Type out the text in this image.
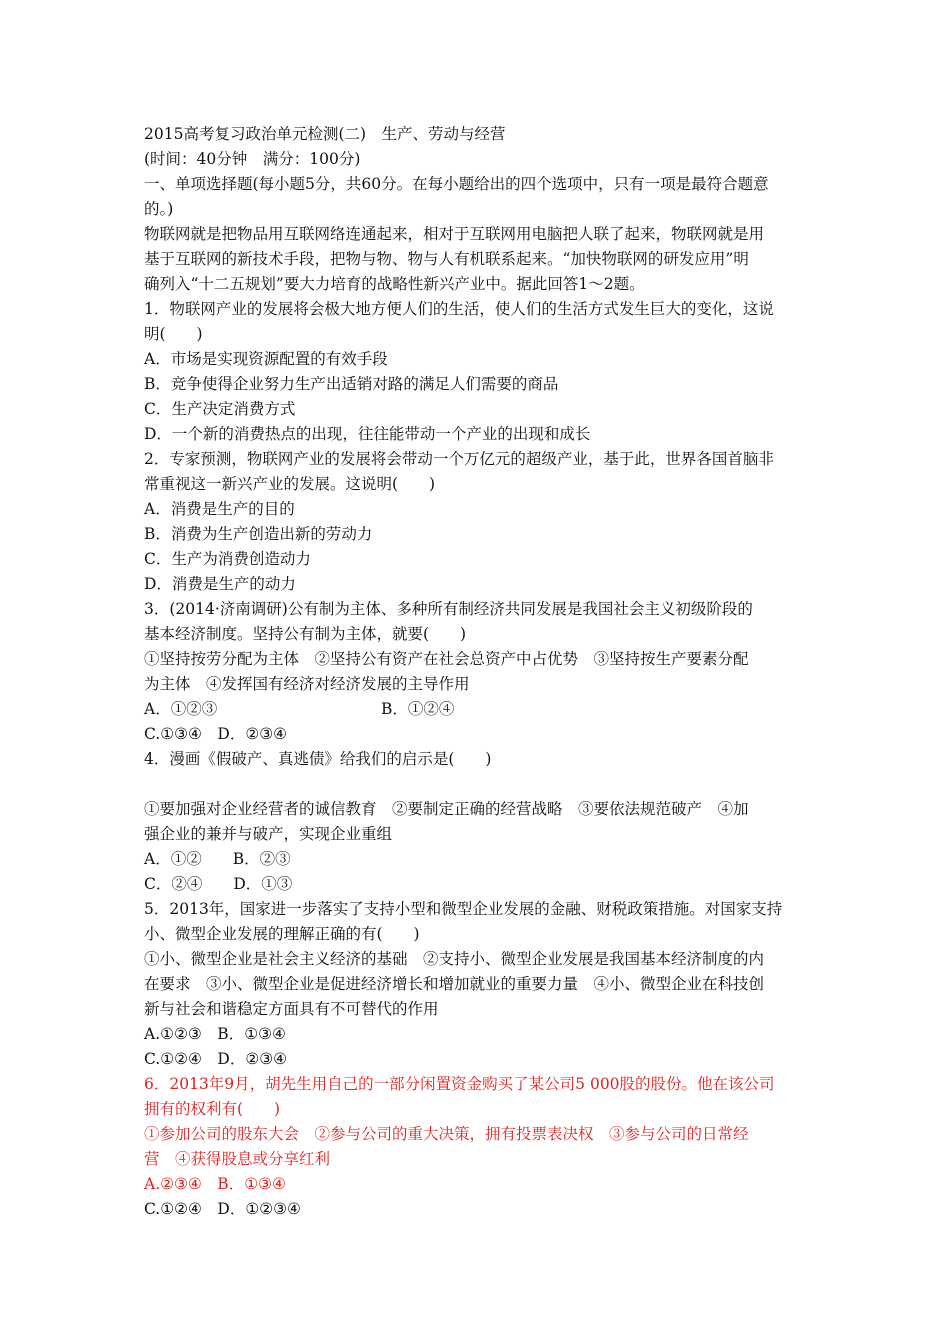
2015高考复习政治单元检测(二)　生产、劳动与经营
(时间：40分钟　满分：100分)
一、单项选择题(每小题5分，共60分。在每小题给出的四个选项中，只有一项是最符合题意
的。)
物联网就是把物品用互联网络连通起来，相对于互联网用电脑把人联了起来，物联网就是用
基于互联网的新技术手段，把物与物、物与人有机联系起来。“加快物联网的研发应用”明
确列入“十二五规划”要大力培育的战略性新兴产业中。据此回答1～2题。
1．物联网产业的发展将会极大地方便人们的生活，使人们的生活方式发生巨大的变化，这说
明(　　)
A．市场是实现资源配置的有效手段
B．竞争使得企业努力生产出适销对路的满足人们需要的商品
C．生产决定消费方式
D．一个新的消费热点的出现，往往能带动一个产业的出现和成长
2．专家预测，物联网产业的发展将会带动一个万亿元的超级产业，基于此，世界各国首脑非
常重视这一新兴产业的发展。这说明(　　)
A．消费是生产的目的
B．消费为生产创造出新的劳动力
C．生产为消费创造动力
D．消费是生产的动力
3．(2014·济南调研)公有制为主体、多种所有制经济共同发展是我国社会主义初级阶段的
基本经济制度。坚持公有制为主体，就要(　　)
①坚持按劳分配为主体　②坚持公有资产在社会总资产中占优势　③坚持按生产要素分配
为主体　④发挥国有经济对经济发展的主导作用
A．①②③	B．①②④
C.①③④　D．②③④
4．漫画《假破产、真逃债》给我们的启示是(　　)
①要加强对企业经营者的诚信教育　②要制定正确的经营战略　③要依法规范破产　④加
强企业的兼并与破产，实现企业重组
A．①②　　B．②③
C．②④　　D．①③
5．2013年，国家进一步落实了支持小型和微型企业发展的金融、财税政策措施。对国家支持
小、微型企业发展的理解正确的有(　　)
①小、微型企业是社会主义经济的基础　②支持小、微型企业发展是我国基本经济制度的内
在要求　③小、微型企业是促进经济增长和增加就业的重要力量　④小、微型企业在科技创
新与社会和谐稳定方面具有不可替代的作用
A.①②③　B．①③④
C.①②④　D．②③④
6．2013年9月，胡先生用自己的一部分闲置资金购买了某公司5 000股的股份。他在该公司
拥有的权利有(　　)
①参加公司的股东大会　②参与公司的重大决策，拥有投票表决权　③参与公司的日常经
营　④获得股息或分享红利
A.②③④　B．①③④
C.①②④　D．①②③④
